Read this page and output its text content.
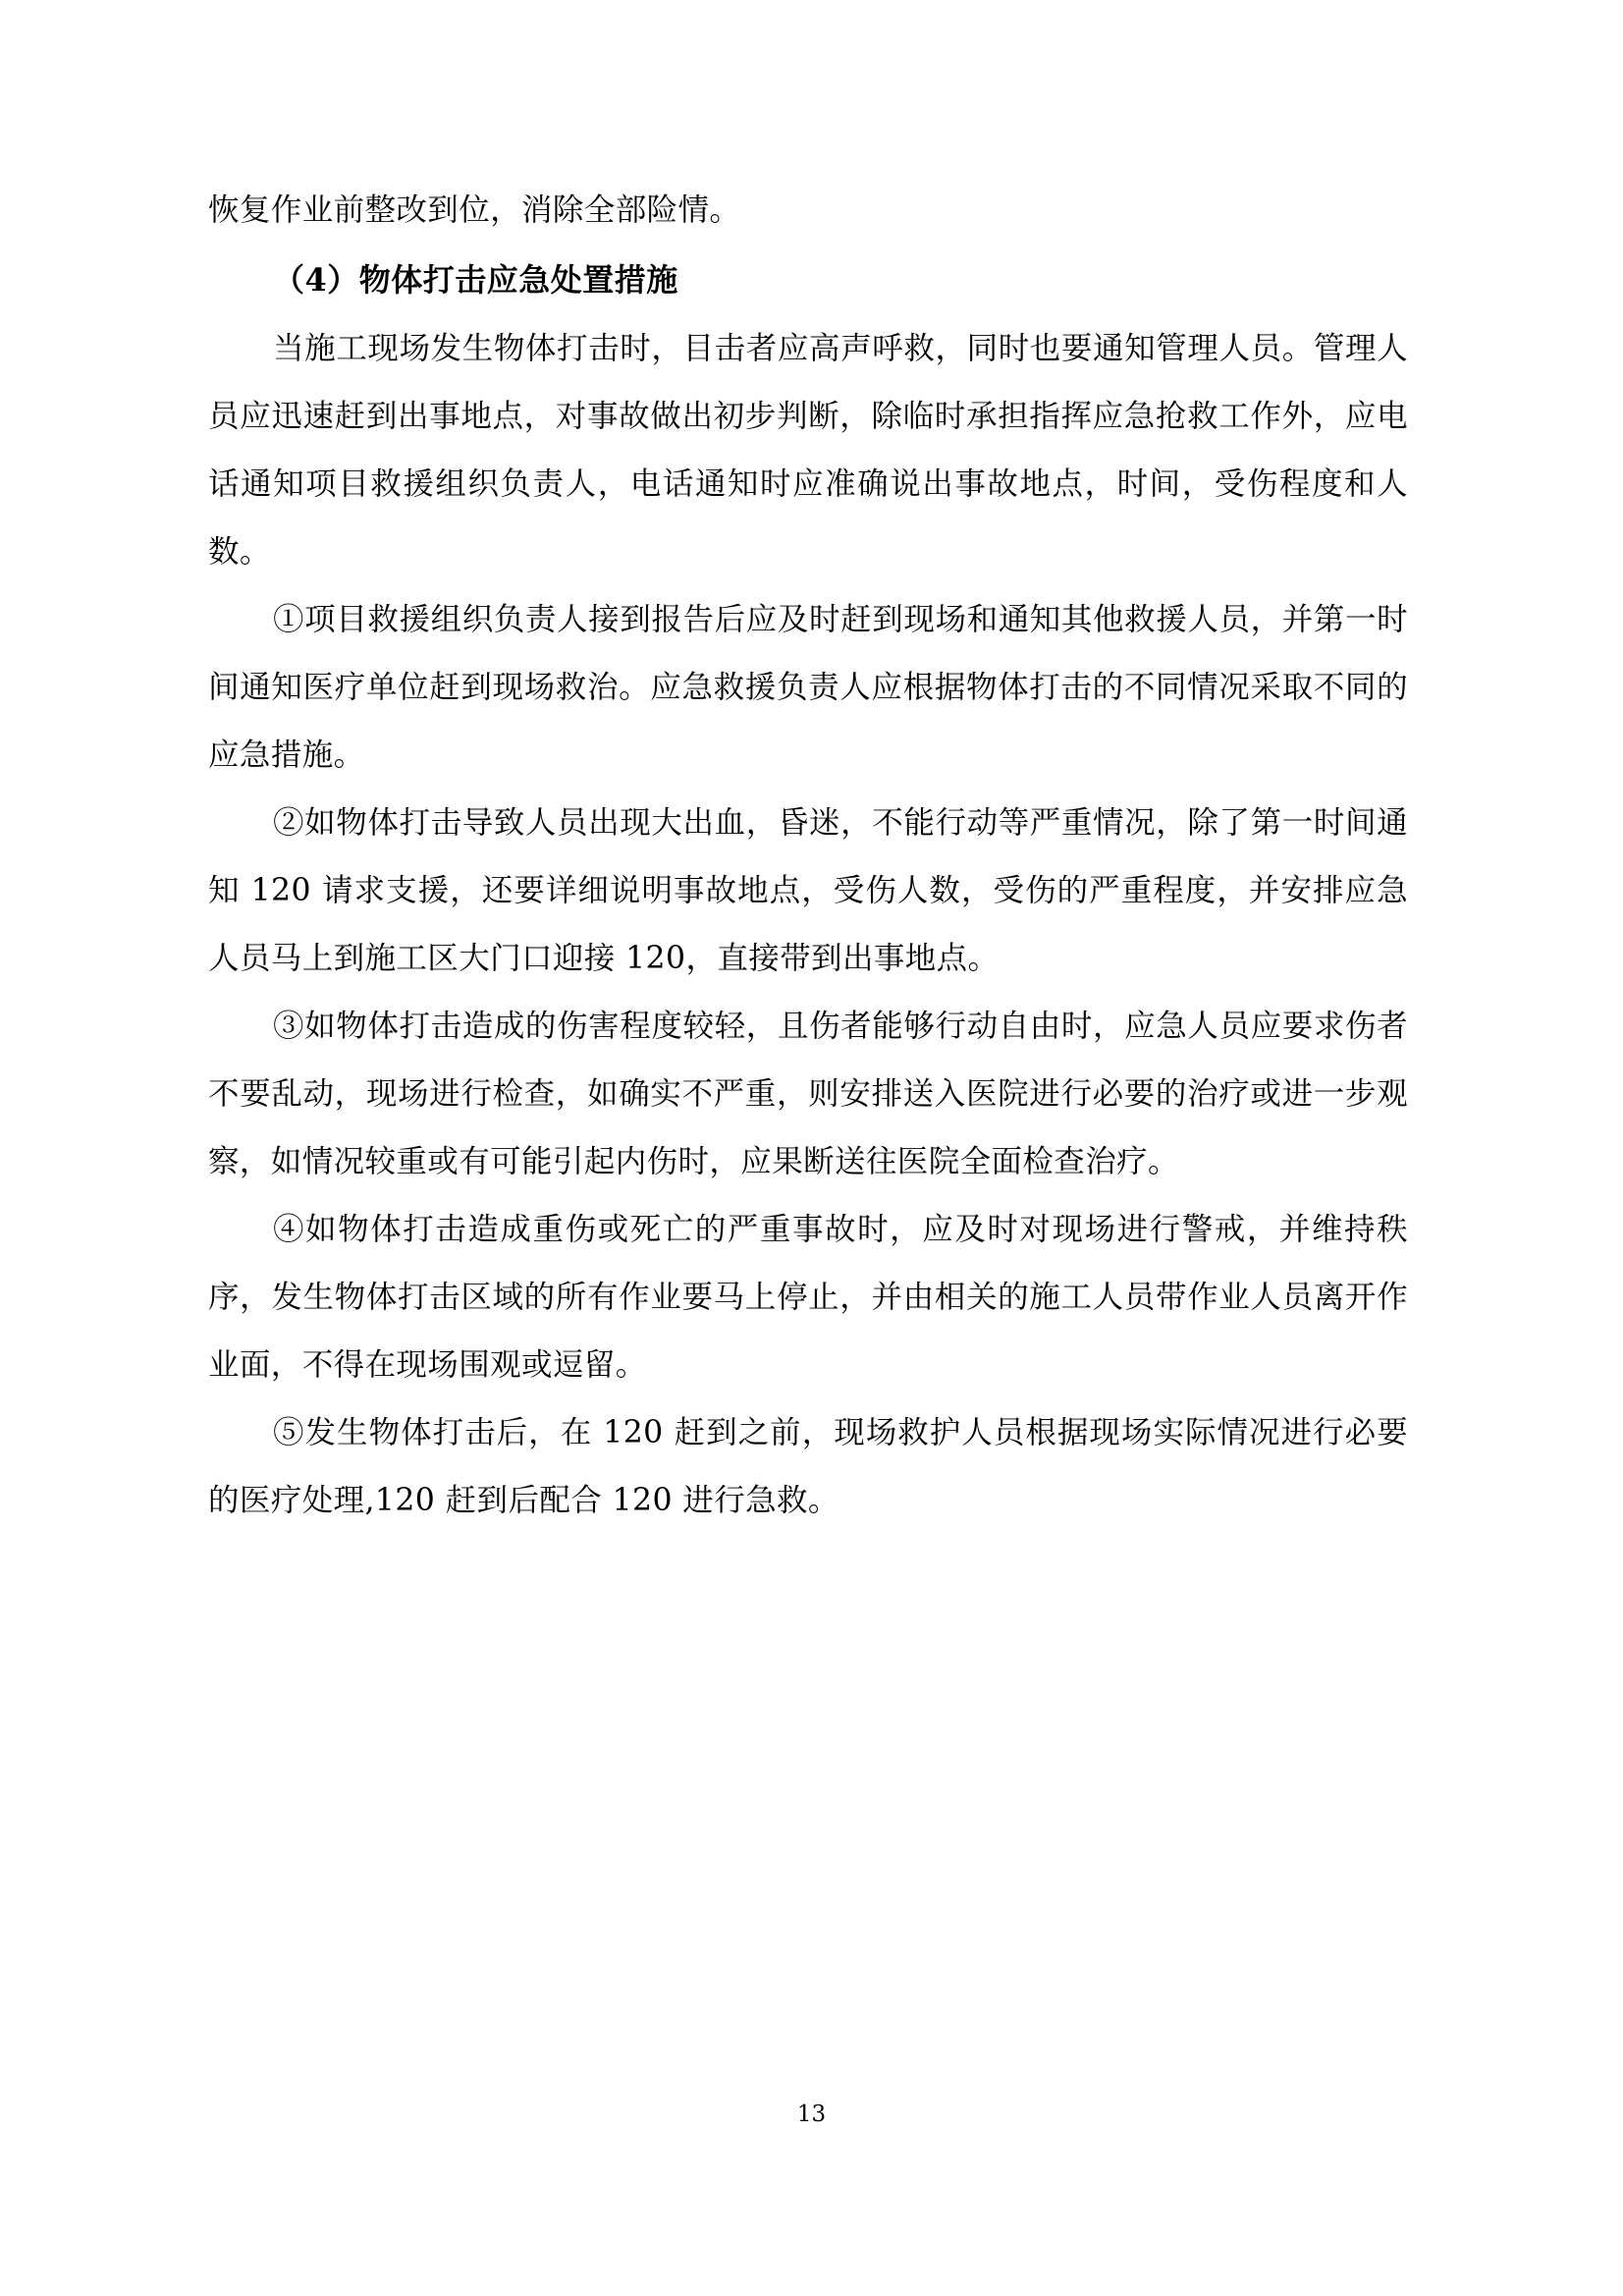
恢复作业前整改到位，消除全部险情。

（4）物体打击应急处置措施

当施工现场发生物体打击时，目击者应高声呼救，同时也要通知管理人员。管理人员应迅速赶到出事地点，对事故做出初步判断，除临时承担指挥应急抢救工作外，应电话通知项目救援组织负责人，电话通知时应准确说出事故地点，时间，受伤程度和人数。

①项目救援组织负责人接到报告后应及时赶到现场和通知其他救援人员，并第一时间通知医疗单位赶到现场救治。应急救援负责人应根据物体打击的不同情况采取不同的应急措施。

②如物体打击导致人员出现大出血，昏迷，不能行动等严重情况，除了第一时间通知 120 请求支援，还要详细说明事故地点，受伤人数，受伤的严重程度，并安排应急人员马上到施工区大门口迎接 120，直接带到出事地点。

③如物体打击造成的伤害程度较轻，且伤者能够行动自由时，应急人员应要求伤者不要乱动，现场进行检查，如确实不严重，则安排送入医院进行必要的治疗或进一步观察，如情况较重或有可能引起内伤时，应果断送往医院全面检查治疗。

④如物体打击造成重伤或死亡的严重事故时，应及时对现场进行警戒，并维持秩序，发生物体打击区域的所有作业要马上停止，并由相关的施工人员带作业人员离开作业面，不得在现场围观或逗留。

⑤发生物体打击后，在 120 赶到之前，现场救护人员根据现场实际情况进行必要的医疗处理,120 赶到后配合 120 进行急救。

13
